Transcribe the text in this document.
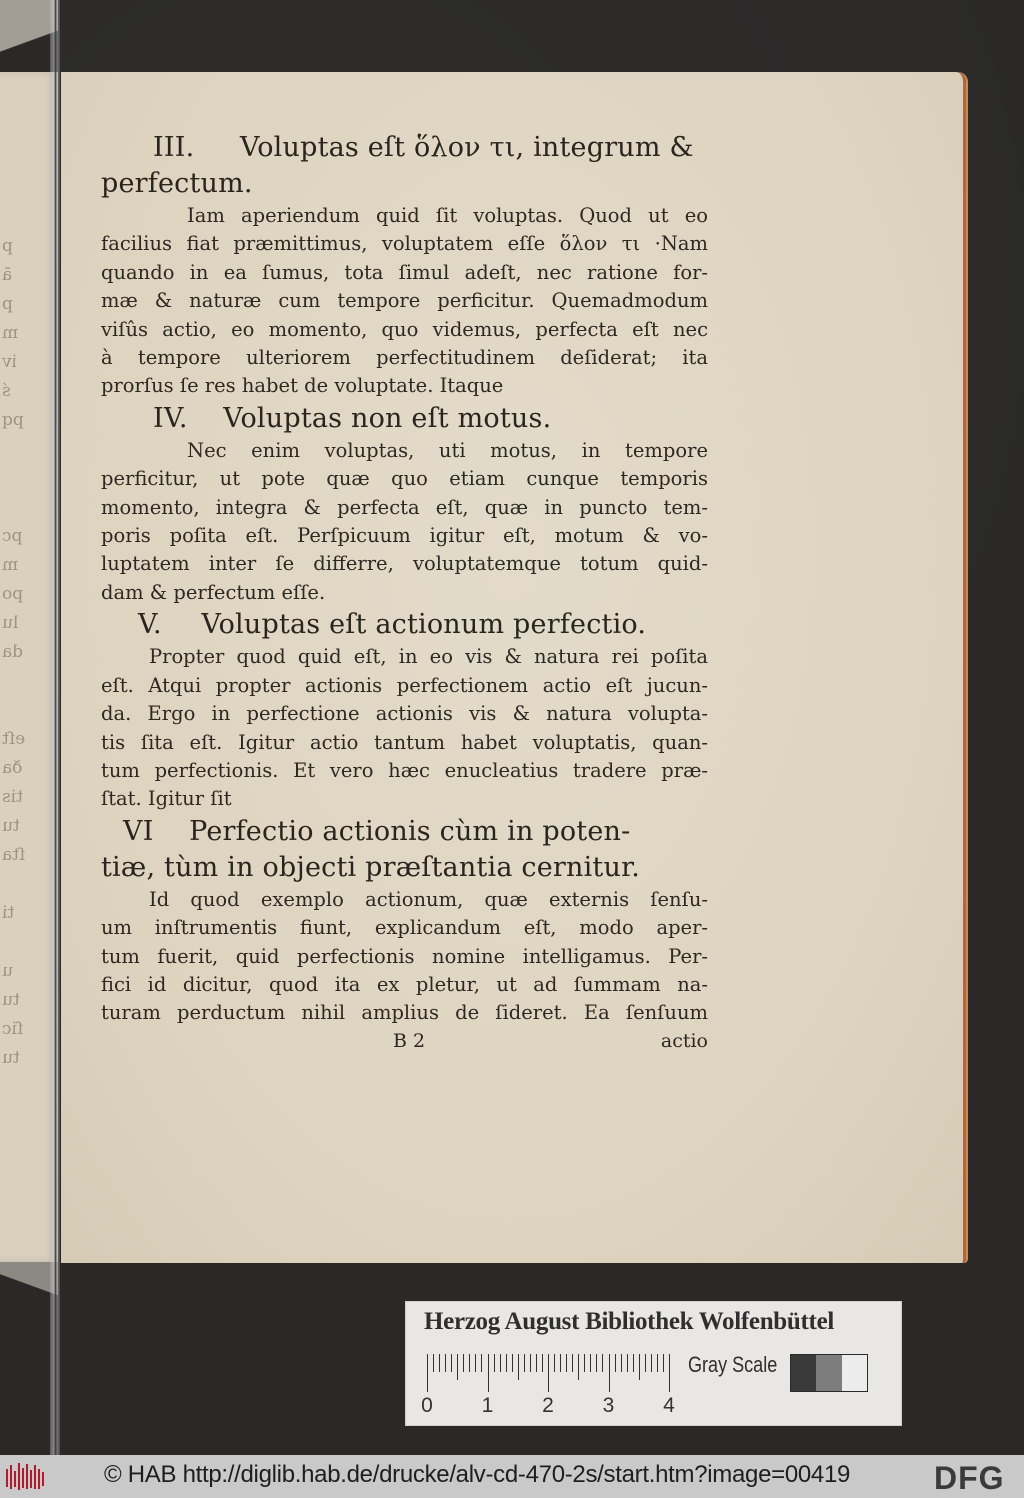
p
ā
p
m
iv
ś
pq
pc
m
po
lu
da
eſt
ða
tis
tu
ſta
ti
u
tu
ſic
tu
III. Voluptas eſt ὅλον τι, integrum &
perfectum.
Iam aperiendum quid ſit voluptas. Quod ut eo
facilius fiat præmittimus, voluptatem eſſe ὅλον τι ·Nam
quando in ea ſumus, tota ſimul adeſt, nec ratione for-
mæ & naturæ cum tempore perficitur. Quemadmodum
viſûs actio, eo momento, quo videmus, perfecta eſt nec
à tempore ulteriorem perfectitudinem deſiderat; ita
prorſus ſe res habet de voluptate. Itaque
IV. Voluptas non eſt motus.
Nec enim voluptas, uti motus, in tempore
perficitur, ut pote quæ quo etiam cunque temporis
momento, integra & perfecta eſt, quæ in puncto tem-
poris poſita eſt. Perſpicuum igitur eſt, motum & vo-
luptatem inter ſe differre, voluptatemque totum quid-
dam & perfectum eſſe.
V. Voluptas eſt actionum perfectio.
Propter quod quid eſt, in eo vis & natura rei poſita
eſt. Atqui propter actionis perfectionem actio eſt jucun-
da. Ergo in perfectione actionis vis & natura volupta-
tis ſita eſt. Igitur actio tantum habet voluptatis, quan-
tum perfectionis. Et vero hæc enucleatius tradere præ-
ſtat. Igitur ſit
VI Perfectio actionis cùm in poten-
tiæ, tùm in objecti præſtantia cernitur.
Id quod exemplo actionum, quæ externis ſenſu-
um inſtrumentis fiunt, explicandum eſt, modo aper-
tum fuerit, quid perfectionis nomine intelligamus. Per-
fici id dicitur, quod ita ex pletur, ut ad ſummam na-
turam perductum nihil amplius de ſideret. Ea ſenſuum
B 2	actio
Herzog August Bibliothek Wolfenbüttel
0 1 2 3 4
Gray Scale
© HAB http://diglib.hab.de/drucke/alv-cd-470-2s/start.htm?image=00419	DFG
